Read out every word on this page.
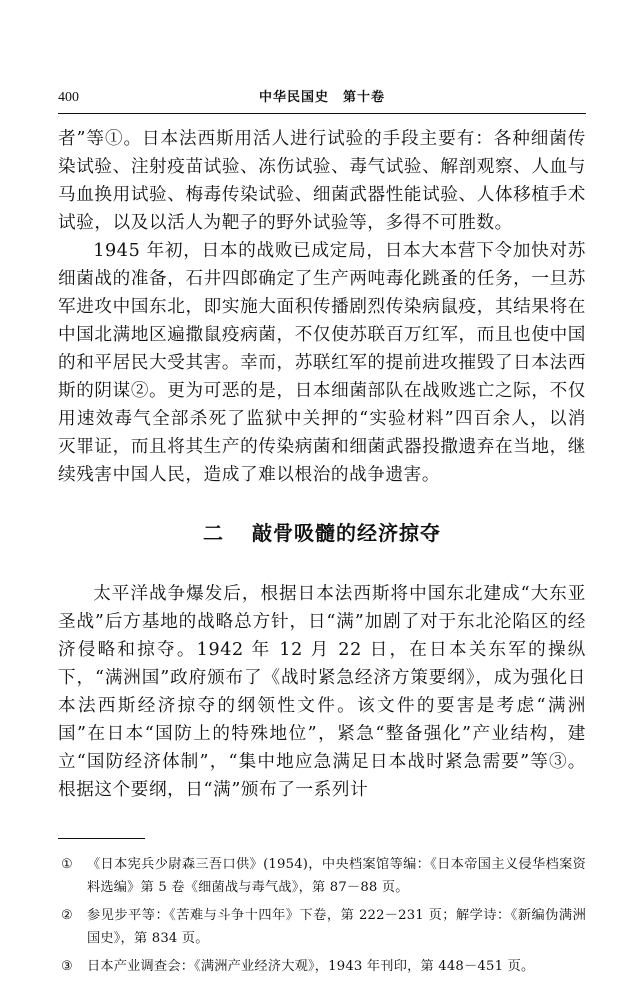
400	中华民国史　第十卷

者”等①。日本法西斯用活人进行试验的手段主要有：各种细菌传染试验、注射疫苗试验、冻伤试验、毒气试验、解剖观察、人血与马血换用试验、梅毒传染试验、细菌武器性能试验、人体移植手术试验，以及以活人为靶子的野外试验等，多得不可胜数。

1945 年初，日本的战败已成定局，日本大本营下令加快对苏细菌战的准备，石井四郎确定了生产两吨毒化跳蚤的任务，一旦苏军进攻中国东北，即实施大面积传播剧烈传染病鼠疫，其结果将在中国北满地区遍撒鼠疫病菌，不仅使苏联百万红军，而且也使中国的和平居民大受其害。幸而，苏联红军的提前进攻摧毁了日本法西斯的阴谋②。更为可恶的是，日本细菌部队在战败逃亡之际，不仅用速效毒气全部杀死了监狱中关押的“实验材料”四百余人，以消灭罪证，而且将其生产的传染病菌和细菌武器投撒遗弃在当地，继续残害中国人民，造成了难以根治的战争遗害。

二 敲骨吸髓的经济掠夺

太平洋战争爆发后，根据日本法西斯将中国东北建成“大东亚圣战”后方基地的战略总方针，日“满”加剧了对于东北沦陷区的经济侵略和掠夺。1942 年 12 月 22 日，在日本关东军的操纵下，“满洲国”政府颁布了《战时紧急经济方策要纲》，成为强化日本法西斯经济掠夺的纲领性文件。该文件的要害是考虑“满洲国”在日本“国防上的特殊地位”，紧急“整备强化”产业结构，建立“国防经济体制”，“集中地应急满足日本战时紧急需要”等③。根据这个要纲，日“满”颁布了一系列计

①	《日本宪兵少尉森三吾口供》(1954)，中央档案馆等编：《日本帝国主义侵华档案资料选编》第 5 卷《细菌战与毒气战》，第 87－88 页。
②	参见步平等：《苦难与斗争十四年》下卷，第 222－231 页；解学诗：《新编伪满洲国史》，第 834 页。
③	日本产业调查会：《满洲产业经济大观》，1943 年刊印，第 448－451 页。
